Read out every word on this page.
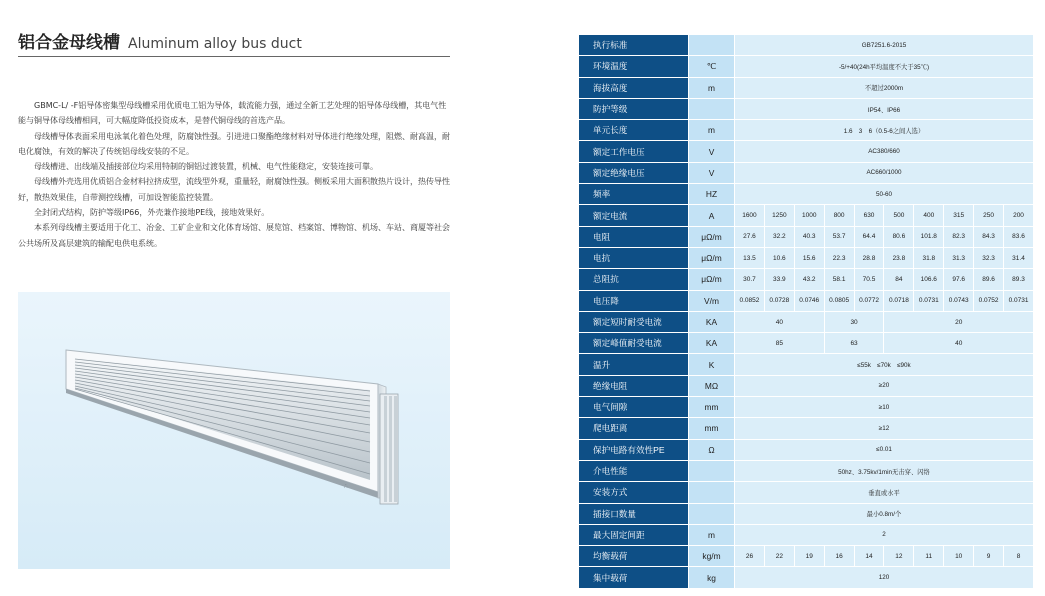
铝合金母线槽 Aluminum alloy bus duct

GBMC-L/ -F铝导体密集型母线槽采用优质电工铝为导体，载流能力强，通过全新工艺处理的铝导体母线槽，其电气性能与铜导体母线槽相同，可大幅度降低投资成本，是替代铜母线的首选产品。

母线槽导体表面采用电泳氧化着色处理，防腐蚀性强。引进进口聚酯绝缘材料对导体进行绝缘处理，阻燃、耐高温，耐电化腐蚀，有效的解决了传统铝母线安装的不足。

母线槽进、出线端及插接部位均采用特制的铜铝过渡装置，机械、电气性能稳定，安装连接可靠。

母线槽外壳选用优质铝合金材料拉挤成型，流线型外观，重量轻，耐腐蚀性强。侧板采用大面积散热片设计，热传导性好，散热效果佳，自带测控线槽，可加设智能监控装置。

全封闭式结构，防护等级IP66，外壳兼作接地PE线，接地效果好。

本系列母线槽主要适用于化工、冶金、工矿企业和文化体育场馆、展览馆、档案馆、博物馆、机场、车站、商厦等社会公共场所及高层建筑的输配电供电系统。

∴
执行标准		GB7251.6-2015									
环境温度	℃	-5/+40(24h平均温度不大于35℃)									
海拔高度	m	不超过2000m									
防护等级		IP54、IP66									
单元长度	m	1.6　3　6（0.5-6之间人选）									
额定工作电压	V	AC380/660									
额定绝缘电压	V	AC660/1000									
频率	HZ	50-60									
额定电流	A	1600	1250	1000	800	630	500	400	315	250	200
电阻	μΩ/m	27.6	32.2	40.3	53.7	64.4	80.6	101.8	82.3	84.3	83.6
电抗	μΩ/m	13.5	10.6	15.6	22.3	28.8	23.8	31.8	31.3	32.3	31.4
总阻抗	μΩ/m	30.7	33.9	43.2	58.1	70.5	84	106.6	97.6	89.6	89.3
电压降	V/m	0.0852	0.0728	0.0746	0.0805	0.0772	0.0718	0.0731	0.0743	0.0752	0.0731
额定短时耐受电流	KA	40			30		20				
额定峰值耐受电流	KA	85			63		40				
温升	K	≤55k　≤70k　≤90k									
绝缘电阻	MΩ	≥20									
电气间隙	mm	≥10									
爬电距离	mm	≥12									
保护电路有效性PE	Ω	≤0.01									
介电性能		50hz、3.75kv/1min无击穿、闪络									
安装方式		垂直或水平									
插接口数量		最小0.8m/个									
最大固定间距	m	2									
均衡载荷	kg/m	26	22	19	16	14	12	11	10	9	8
集中载荷	kg	120									
